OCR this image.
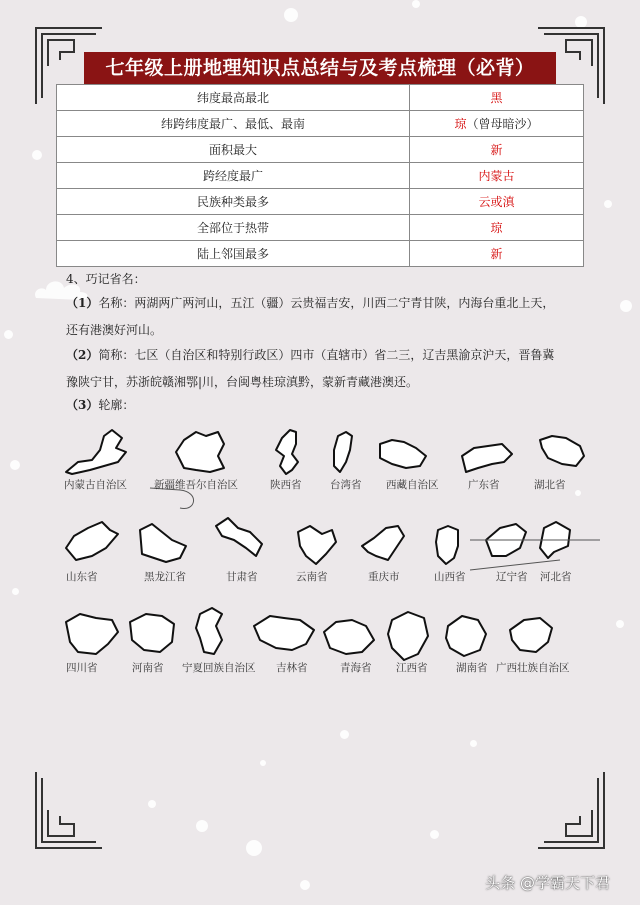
七年级上册地理知识点总结与及考点梳理（必背）
纬度最高最北	黑
纬跨纬度最广、最低、最南	琼（曾母暗沙）
面积最大	新
跨经度最广	内蒙古
民族种类最多	云或滇
全部位于热带	琼
陆上邻国最多	新
4、巧记省名：
（1）名称：两湖两广两河山，五江（疆）云贵福吉安，川西二宁青甘陕，内海台重北上天，
还有港澳好河山。
（2）简称：七区（自治区和特别行政区）四市（直辖市）省二三，辽吉黑渝京沪天，晋鲁冀
豫陕宁甘，苏浙皖赣湘鄂|川，台闽粤桂琼滇黔，蒙新青藏港澳还。
（3）轮廓：
内蒙古自治区	新疆维吾尔自治区	陕西省	台湾省 西藏自治区	广东省	湖北省
山东省	黑龙江省	甘肃省	云南省	重庆市	山西省	辽宁省 河北省
四川省	河南省 宁夏回族自治区 吉林省	青海省 江西省	湖南省 广西壮族自治区
头条 @学霸天下君
